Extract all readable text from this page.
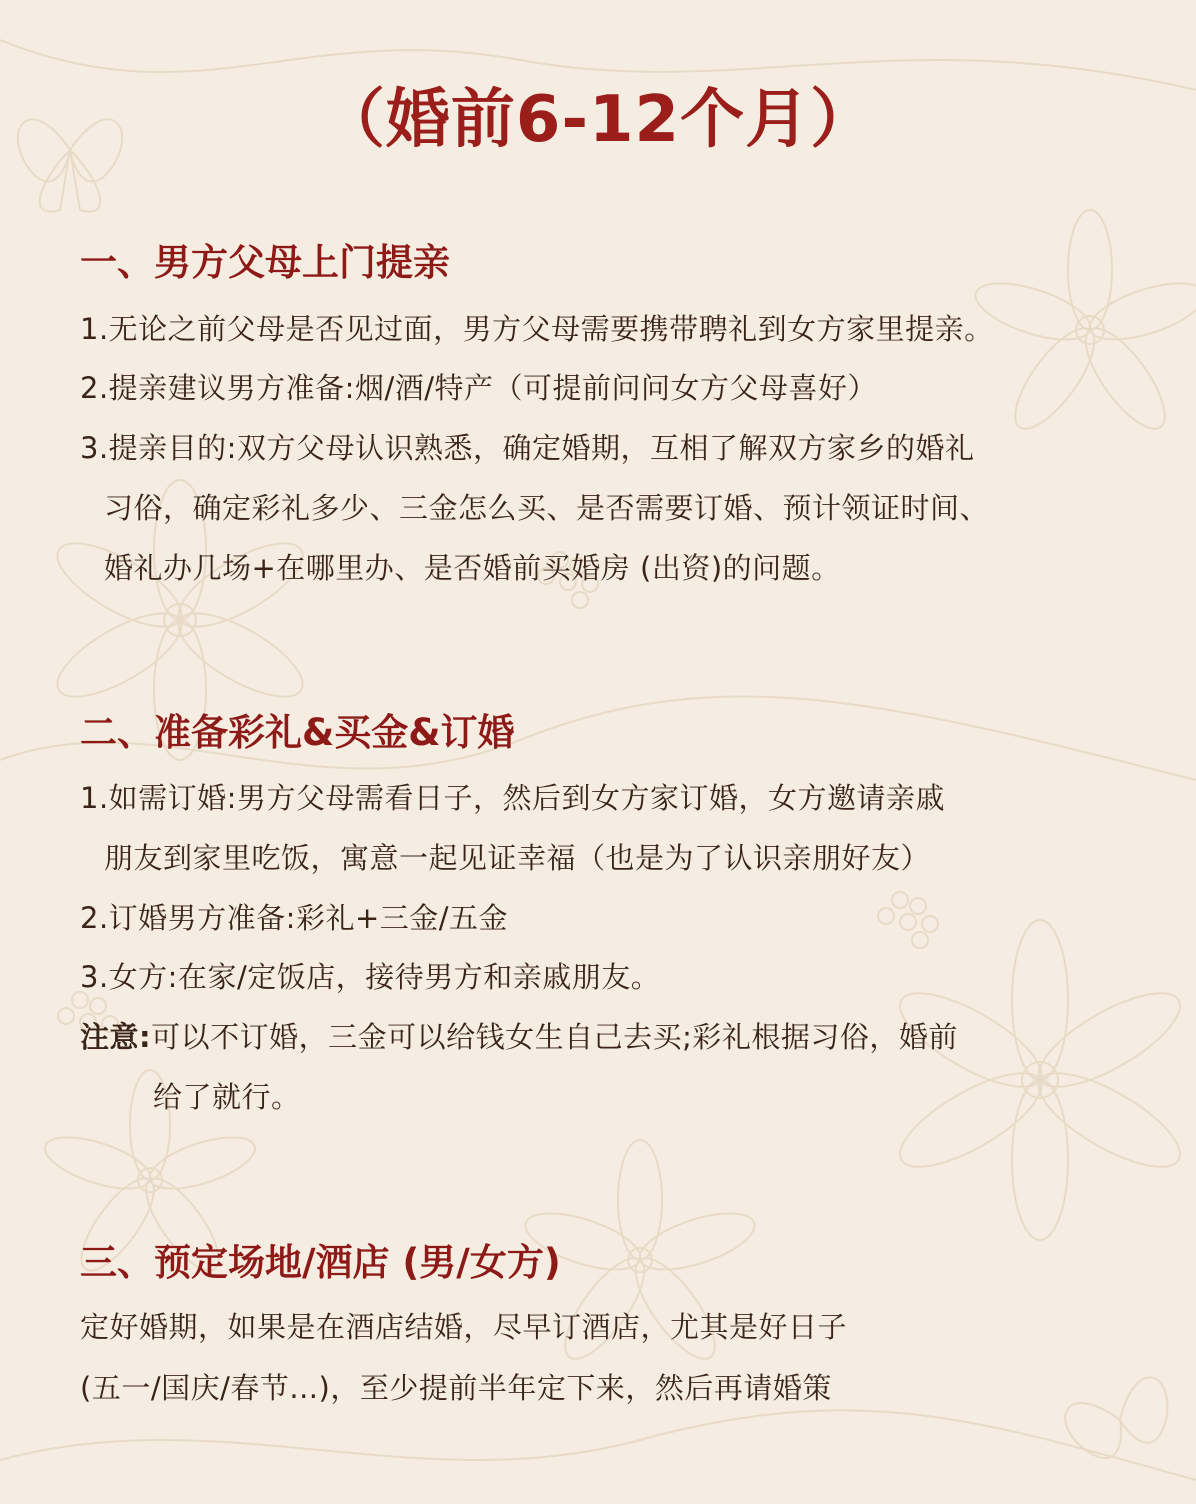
（婚前6-12个月）
一、男方父母上门提亲
1.无论之前父母是否见过面，男方父母需要携带聘礼到女方家里提亲。
2.提亲建议男方准备:烟/酒/特产（可提前问问女方父母喜好）
3.提亲目的:双方父母认识熟悉，确定婚期，互相了解双方家乡的婚礼
习俗，确定彩礼多少、三金怎么买、是否需要订婚、预计领证时间、
婚礼办几场+在哪里办、是否婚前买婚房 (出资)的问题。
二、准备彩礼&买金&订婚
1.如需订婚:男方父母需看日子，然后到女方家订婚，女方邀请亲戚
朋友到家里吃饭，寓意一起见证幸福（也是为了认识亲朋好友）
2.订婚男方准备:彩礼+三金/五金
3.女方:在家/定饭店，接待男方和亲戚朋友。
注意:可以不订婚，三金可以给钱女生自己去买;彩礼根据习俗，婚前
给了就行。
三、预定场地/酒店 (男/女方)
定好婚期，如果是在酒店结婚，尽早订酒店，尤其是好日子
(五一/国庆/春节...)，至少提前半年定下来，然后再请婚策
